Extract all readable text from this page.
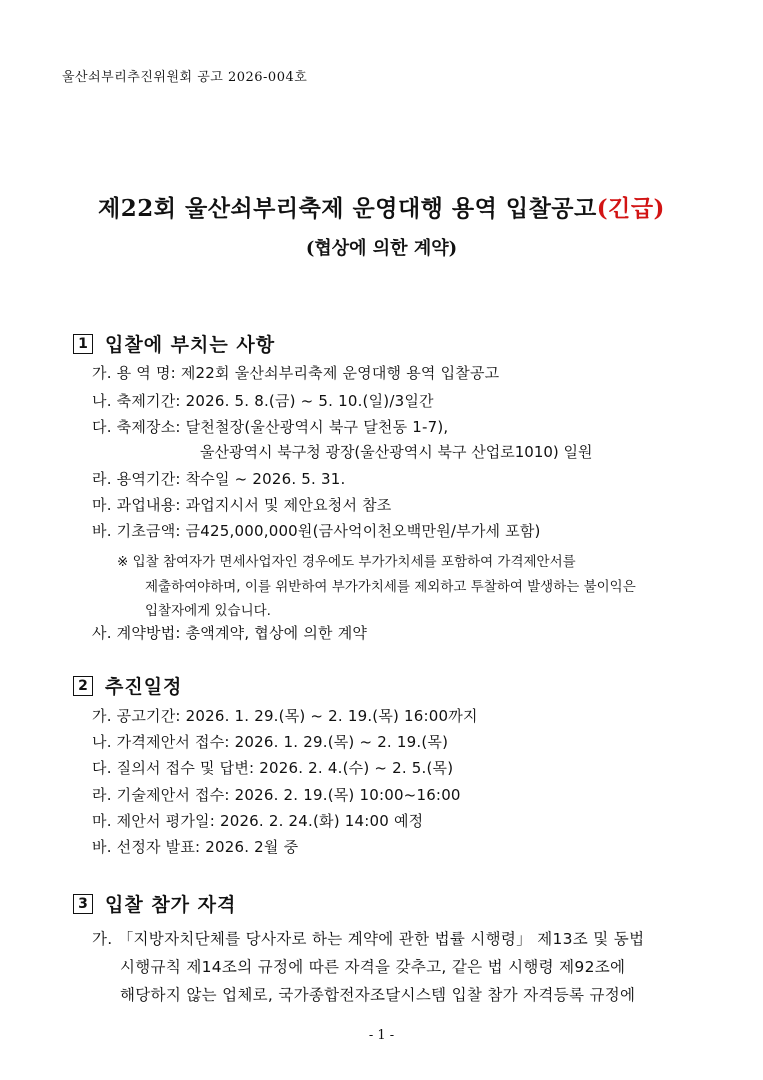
울산쇠부리추진위원회 공고 2026-004호
제22회 울산쇠부리축제 운영대행 용역 입찰공고(긴급)
(협상에 의한 계약)
1 입찰에 부치는 사항
가. 용 역 명: 제22회 울산쇠부리축제 운영대행 용역 입찰공고
나. 축제기간: 2026. 5. 8.(금) ~ 5. 10.(일)/3일간
다. 축제장소: 달천철장(울산광역시 북구 달천동 1-7),
울산광역시 북구청 광장(울산광역시 북구 산업로1010) 일원
라. 용역기간: 착수일 ~ 2026. 5. 31.
마. 과업내용: 과업지시서 및 제안요청서 참조
바. 기초금액: 금425,000,000원(금사억이천오백만원/부가세 포함)
※ 입찰 참여자가 면세사업자인 경우에도 부가가치세를 포함하여 가격제안서를
제출하여야하며, 이를 위반하여 부가가치세를 제외하고 투찰하여 발생하는 불이익은
입찰자에게 있습니다.
사. 계약방법: 총액계약, 협상에 의한 계약
2 추진일정
가. 공고기간: 2026. 1. 29.(목) ~ 2. 19.(목) 16:00까지
나. 가격제안서 접수: 2026. 1. 29.(목) ~ 2. 19.(목)
다. 질의서 접수 및 답변: 2026. 2. 4.(수) ~ 2. 5.(목)
라. 기술제안서 접수: 2026. 2. 19.(목) 10:00~16:00
마. 제안서 평가일: 2026. 2. 24.(화) 14:00 예정
바. 선정자 발표: 2026. 2월 중
3 입찰 참가 자격
가. 「지방자치단체를 당사자로 하는 계약에 관한 법률 시행령」 제13조 및 동법
시행규칙 제14조의 규정에 따른 자격을 갖추고, 같은 법 시행령 제92조에
해당하지 않는 업체로, 국가종합전자조달시스템 입찰 참가 자격등록 규정에
- 1 -
